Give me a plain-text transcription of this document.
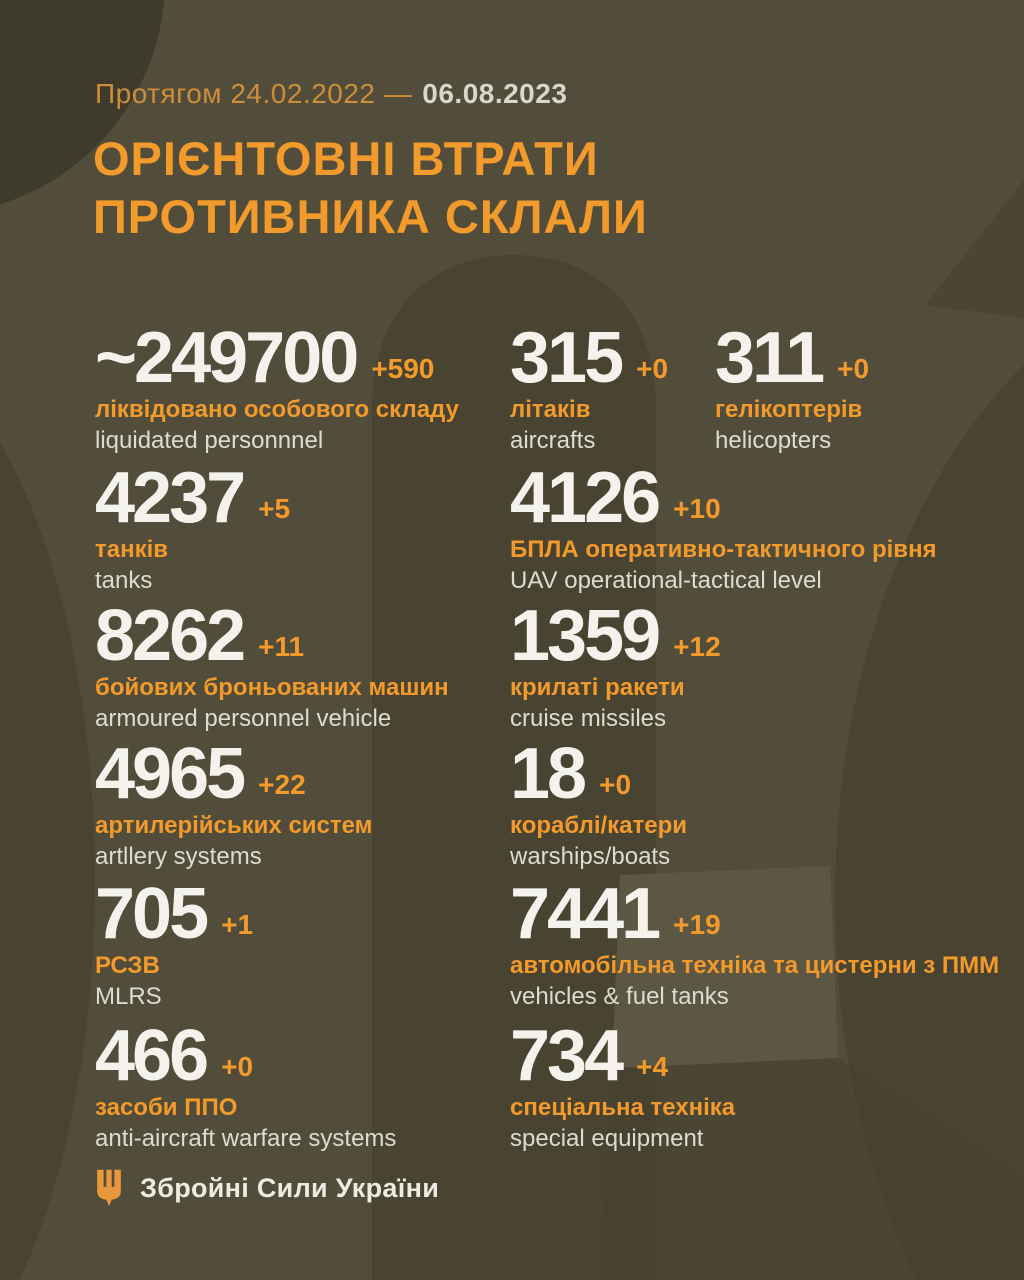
Протягом 24.02.2022 — 06.08.2023
ОРІЄНТОВНІ ВТРАТИ
ПРОТИВНИКА СКЛАЛИ
~249700 +590
ліквідовано особового складу
liquidated personnnel
315 +0
літаків
aircrafts
311 +0
гелікоптерів
helicopters
4237 +5
танків
tanks
4126 +10
БПЛА оперативно-тактичного рівня
UAV operational-tactical level
8262 +11
бойових броньованих машин
armoured personnel vehicle
1359 +12
крилаті ракети
cruise missiles
4965 +22
артилерійських систем
artllery systems
18 +0
кораблі/катери
warships/boats
705 +1
РСЗВ
MLRS
7441 +19
автомобільна техніка та цистерни з ПММ
vehicles & fuel tanks
466 +0
засоби ППО
anti-aircraft warfare systems
734 +4
спеціальна техніка
special equipment
Збройні Сили України
